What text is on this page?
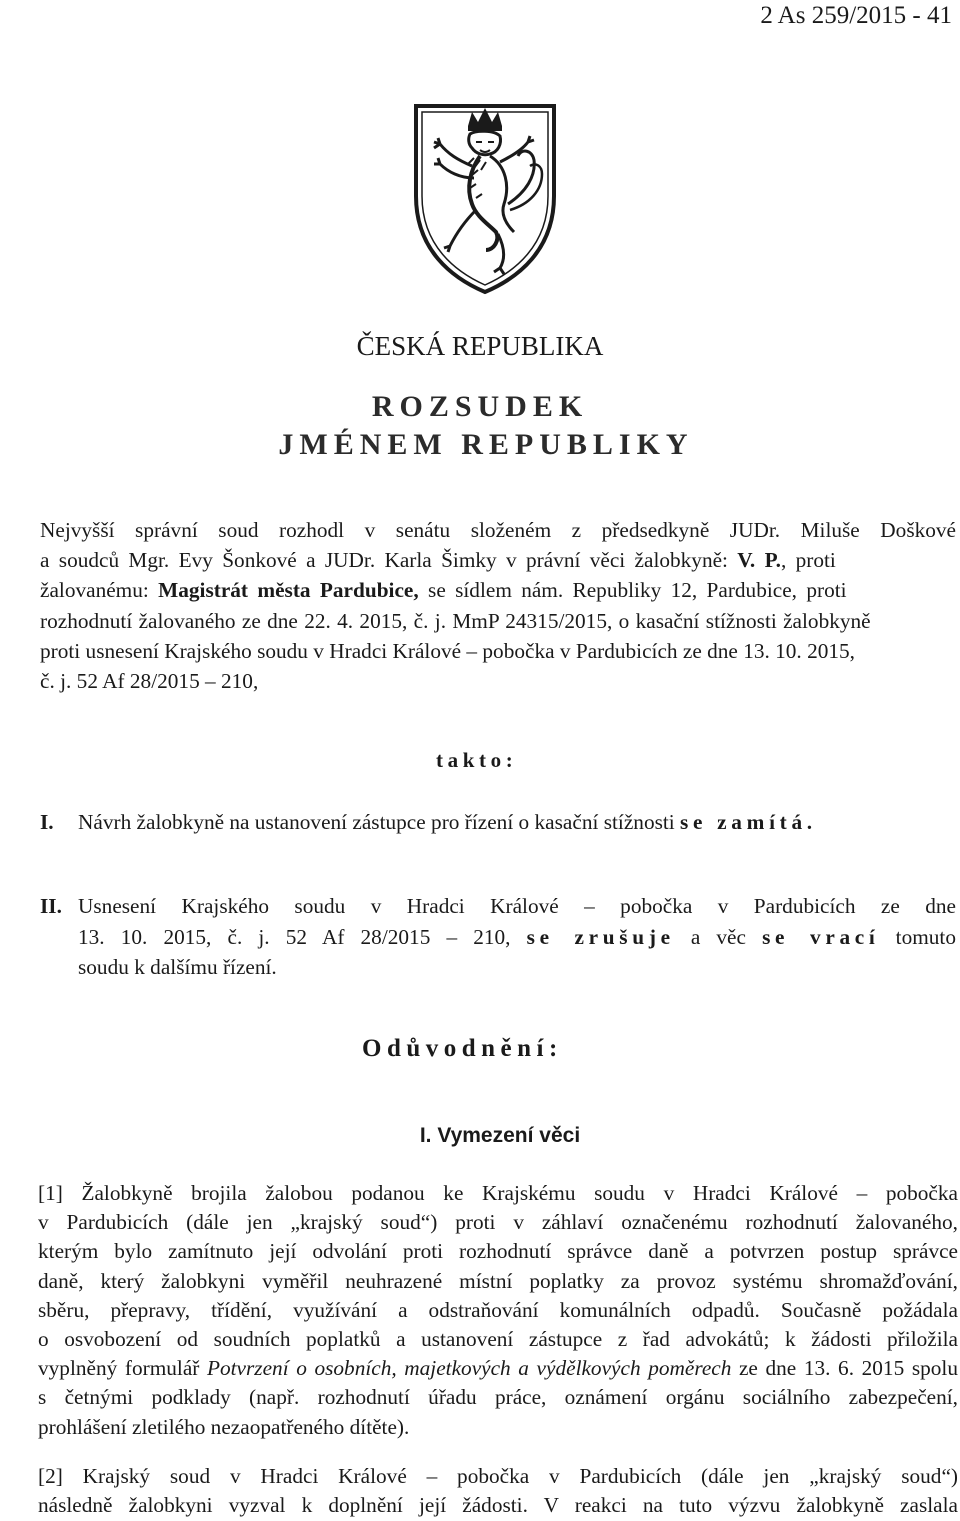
2 As 259/2015 - 41
ČESKÁ REPUBLIKA
ROZSUDEK
JMÉNEM REPUBLIKY
Nejvyšší správní soud rozhodl v senátu složeném z předsedkyně JUDr. Miluše Doškové
a soudců Mgr. Evy Šonkové a JUDr. Karla Šimky v právní věci žalobkyně: V. P., proti
žalovanému: Magistrát města Pardubice, se sídlem nám. Republiky 12, Pardubice, proti
rozhodnutí žalovaného ze dne 22. 4. 2015, č. j. MmP 24315/2015, o kasační stížnosti žalobkyně
proti usnesení Krajského soudu v Hradci Králové – pobočka v Pardubicích ze dne 13. 10. 2015,
č. j. 52 Af 28/2015 – 210,
takto:
I. Návrh žalobkyně na ustanovení zástupce pro řízení o kasační stížnosti se zamítá.
II. Usnesení Krajského soudu v Hradci Králové – pobočka v Pardubicích ze dne
13. 10. 2015, č. j. 52 Af 28/2015 – 210, se zrušuje a věc se vrací tomuto
soudu k dalšímu řízení.
Odůvodnění:
I. Vymezení věci
[1] Žalobkyně brojila žalobou podanou ke Krajskému soudu v Hradci Králové – pobočka
v Pardubicích (dále jen „krajský soud“) proti v záhlaví označenému rozhodnutí žalovaného,
kterým bylo zamítnuto její odvolání proti rozhodnutí správce daně a potvrzen postup správce
daně, který žalobkyni vyměřil neuhrazené místní poplatky za provoz systému shromažďování,
sběru, přepravy, třídění, využívání a odstraňování komunálních odpadů. Současně požádala
o osvobození od soudních poplatků a ustanovení zástupce z řad advokátů; k žádosti přiložila
vyplněný formulář Potvrzení o osobních, majetkových a výdělkových poměrech ze dne 13. 6. 2015 spolu
s četnými podklady (např. rozhodnutí úřadu práce, oznámení orgánu sociálního zabezpečení,
prohlášení zletilého nezaopatřeného dítěte).
[2] Krajský soud v Hradci Králové – pobočka v Pardubicích (dále jen „krajský soud“)
následně žalobkyni vyzval k doplnění její žádosti. V reakci na tuto výzvu žalobkyně zaslala
